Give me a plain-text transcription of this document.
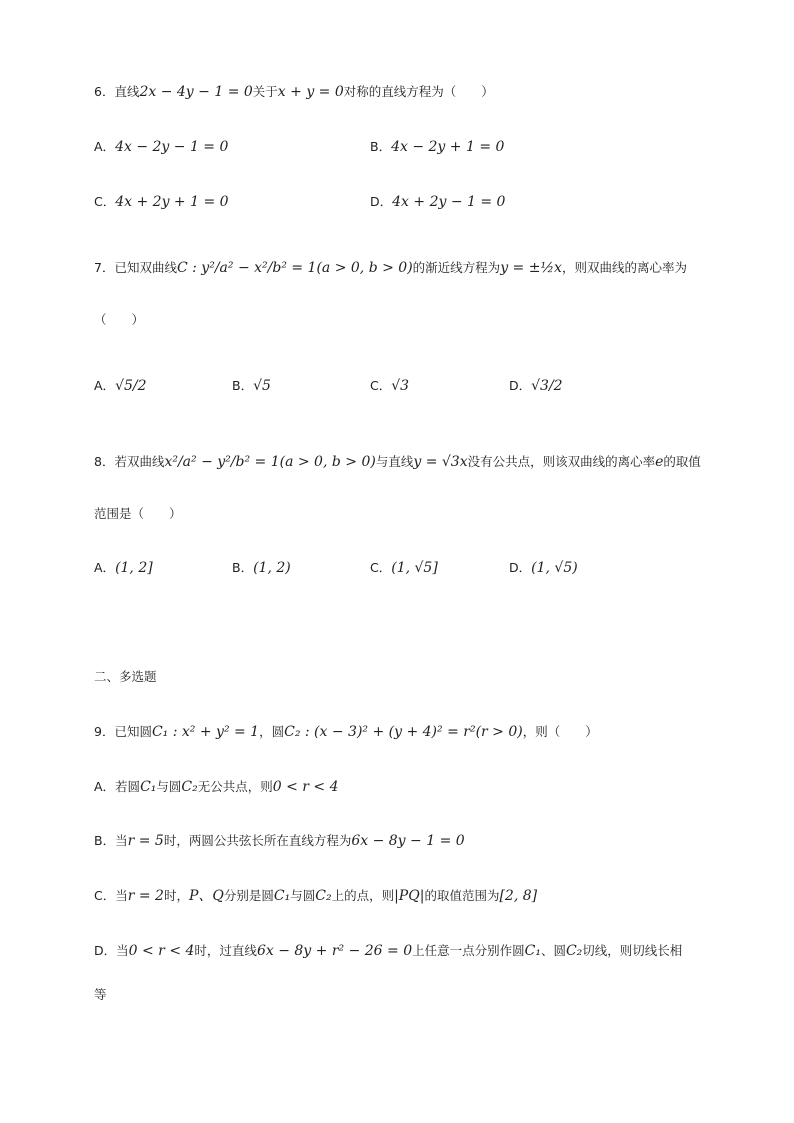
6．直线2x − 4y − 1 = 0关于x + y = 0对称的直线方程为（　　）
A．4x − 2y − 1 = 0	B．4x − 2y + 1 = 0
C．4x + 2y + 1 = 0	D．4x + 2y − 1 = 0
7．已知双曲线C : y²/a² − x²/b² = 1(a > 0, b > 0)的渐近线方程为y = ±½x，则双曲线的离心率为
（　　）
A．√5/2	B．√5	C．√3	D．√3/2
8．若双曲线x²/a² − y²/b² = 1(a > 0, b > 0)与直线y = √3x没有公共点，则该双曲线的离心率e的取值
范围是（　　）
A．(1, 2]	B．(1, 2)	C．(1, √5]	D．(1, √5)
二、多选题
9．已知圆C₁ : x² + y² = 1，圆C₂ : (x − 3)² + (y + 4)² = r²(r > 0)，则（　　）
A．若圆C₁与圆C₂无公共点，则0 < r < 4
B．当r = 5时，两圆公共弦长所在直线方程为6x − 8y − 1 = 0
C．当r = 2时，P、Q分别是圆C₁与圆C₂上的点，则|PQ|的取值范围为[2, 8]
D．当0 < r < 4时，过直线6x − 8y + r² − 26 = 0上任意一点分别作圆C₁、圆C₂切线，则切线长相
等
